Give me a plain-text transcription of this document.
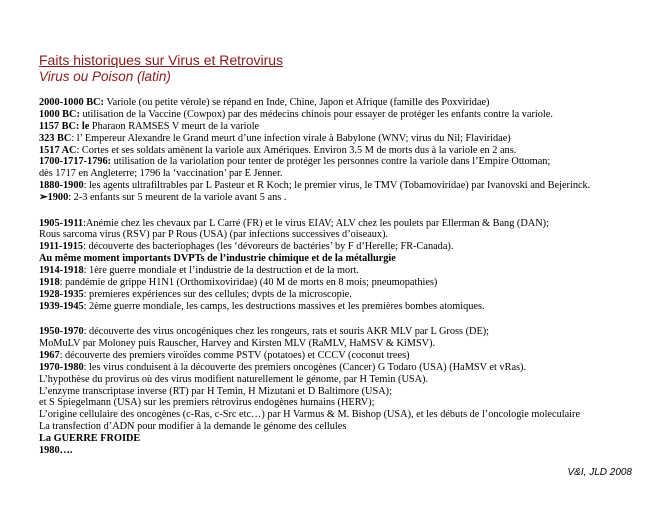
Faits historiques sur Virus et Retrovirus
Virus ou Poison (latin)
2000-1000 BC: Variole (ou petite vérole) se répand en Inde, Chine, Japon et Afrique (famille des Poxviridae)
1000 BC: utilisation de la Vaccine (Cowpox) par des médecins chinois pour essayer de protéger les enfants contre la variole.
1157 BC: le Pharaon RAMSES V meurt de la variole
323 BC: l’ Empereur Alexandre le Grand meurt d’une infection virale à Babylone (WNV; virus du Nil; Flaviridae)
1517 AC: Cortes et ses soldats amènent la variole aux Amériques. Environ 3.5 M de morts dus à la variole en 2 ans.
1700-1717-1796: utilisation de la variolation pour tenter de protéger les personnes contre la variole dans l’Empire Ottoman;
dès 1717 en Angleterre; 1796 la ‘vaccination’ par E Jenner.
1880-1900: les agents ultrafiltrables par L Pasteur et R Koch; le premier virus, le TMV (Tobamoviridae) par Ivanovski and Bejerinck.
➢1900: 2-3 enfants sur 5 meurent de la variole avant 5 ans .
1905-1911:Anémie chez les chevaux par L Carré (FR) et le virus EIAV; ALV chez les poulets par Ellerman & Bang (DAN);
Rous sarcoma virus (RSV) par P Rous (USA) (par infections successives d’oiseaux).
1911-1915: découverte des bacteriophages (les ‘dévoreurs de bactéries’ by F d’Herelle; FR-Canada).
Au même moment importants DVPTs de l’industrie chimique et de la métallurgie
1914-1918: 1ère guerre mondiale et l’industrie de la destruction et de la mort.
1918: pandémie de grippe H1N1 (Orthomixoviridae) (40 M de morts en 8 mois; pneumopathies)
1928-1935: premieres expériences sur des cellules; dvpts de la microscopie.
1939-1945: 2ème guerre mondiale, les camps, les destructions massives et les premières bombes atomiques.
1950-1970: découverte des virus oncogéniques chez les rongeurs, rats et souris AKR MLV par L Gross (DE);
MoMuLV par Moloney puis Rauscher, Harvey and Kirsten MLV (RaMLV, HaMSV & KiMSV).
1967: découverte des premiers viroïdes comme PSTV (potatoes) et CCCV (coconut trees)
1970-1980: les virus conduisent à la découverte des premiers oncogènes (Cancer) G Todaro (USA) (HaMSV et vRas).
L’hypothèse du provirus où des virus modifient naturellement le génome, par H Temin (USA).
L’enzyme transcriptase inverse (RT) par H Temin, H Mizutani et D Baltimore (USA);
et S Spiegelmann (USA) sur les premiers rétrovirus endogènes humains (HERV);
L’origine cellulaire des oncogènes (c-Ras, c-Src etc…) par H Varmus & M. Bishop (USA), et les débuts de l’oncologie moleculaire
La transfection d’ADN pour modifier à la demande le génome des cellules
La GUERRE FROIDE
1980….
V&I, JLD 2008
